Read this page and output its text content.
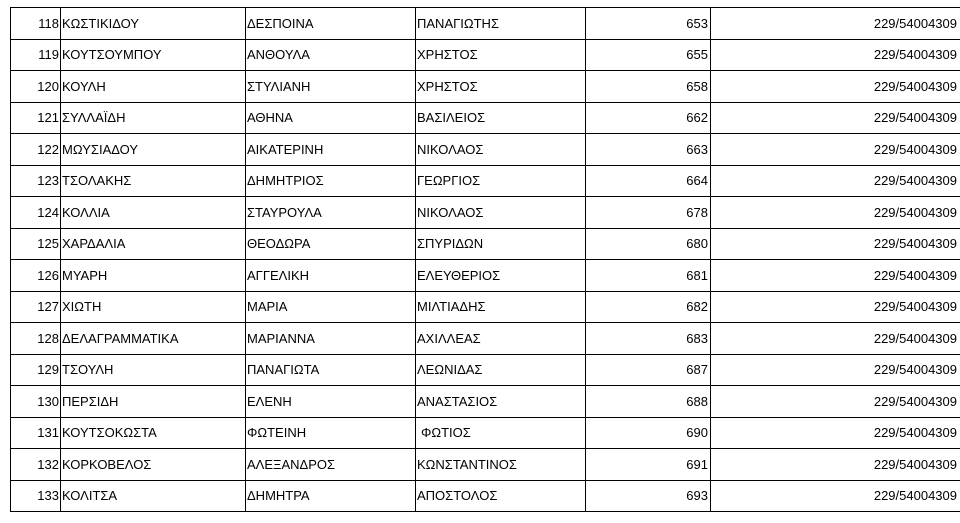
118	ΚΩΣΤΙΚΙΔΟΥ	ΔΕΣΠΟΙΝΑ	ΠΑΝΑΓΙΩΤΗΣ	653	229/54004309
119	ΚΟΥΤΣΟΥΜΠΟΥ	ΑΝΘΟΥΛΑ	ΧΡΗΣΤΟΣ	655	229/54004309
120	ΚΟΥΛΗ	ΣΤΥΛΙΑΝΗ	ΧΡΗΣΤΟΣ	658	229/54004309
121	ΣΥΛΛΑΪΔΗ	ΑΘΗΝΑ	ΒΑΣΙΛΕΙΟΣ	662	229/54004309
122	ΜΩΥΣΙΑΔΟΥ	ΑΙΚΑΤΕΡΙΝΗ	ΝΙΚΟΛΑΟΣ	663	229/54004309
123	ΤΣΟΛΑΚΗΣ	ΔΗΜΗΤΡΙΟΣ	ΓΕΩΡΓΙΟΣ	664	229/54004309
124	ΚΟΛΛΙΑ	ΣΤΑΥΡΟΥΛΑ	ΝΙΚΟΛΑΟΣ	678	229/54004309
125	ΧΑΡΔΑΛΙΑ	ΘΕΟΔΩΡΑ	ΣΠΥΡΙΔΩΝ	680	229/54004309
126	ΜΥΑΡΗ	ΑΓΓΕΛΙΚΗ	ΕΛΕΥΘΕΡΙΟΣ	681	229/54004309
127	ΧΙΩΤΗ	ΜΑΡΙΑ	ΜΙΛΤΙΑΔΗΣ	682	229/54004309
128	ΔΕΛΑΓΡΑΜΜΑΤΙΚΑ	ΜΑΡΙΑΝΝΑ	ΑΧΙΛΛΕΑΣ	683	229/54004309
129	ΤΣΟΥΛΗ	ΠΑΝΑΓΙΩΤΑ	ΛΕΩΝΙΔΑΣ	687	229/54004309
130	ΠΕΡΣΙΔΗ	ΕΛΕΝΗ	ΑΝΑΣΤΑΣΙΟΣ	688	229/54004309
131	ΚΟΥΤΣΟΚΩΣΤΑ	ΦΩΤΕΙΝΗ	ΦΩΤΙΟΣ	690	229/54004309
132	ΚΟΡΚΟΒΕΛΟΣ	ΑΛΕΞΑΝΔΡΟΣ	ΚΩΝΣΤΑΝΤΙΝΟΣ	691	229/54004309
133	ΚΟΛΙΤΣΑ	ΔΗΜΗΤΡΑ	ΑΠΟΣΤΟΛΟΣ	693	229/54004309
